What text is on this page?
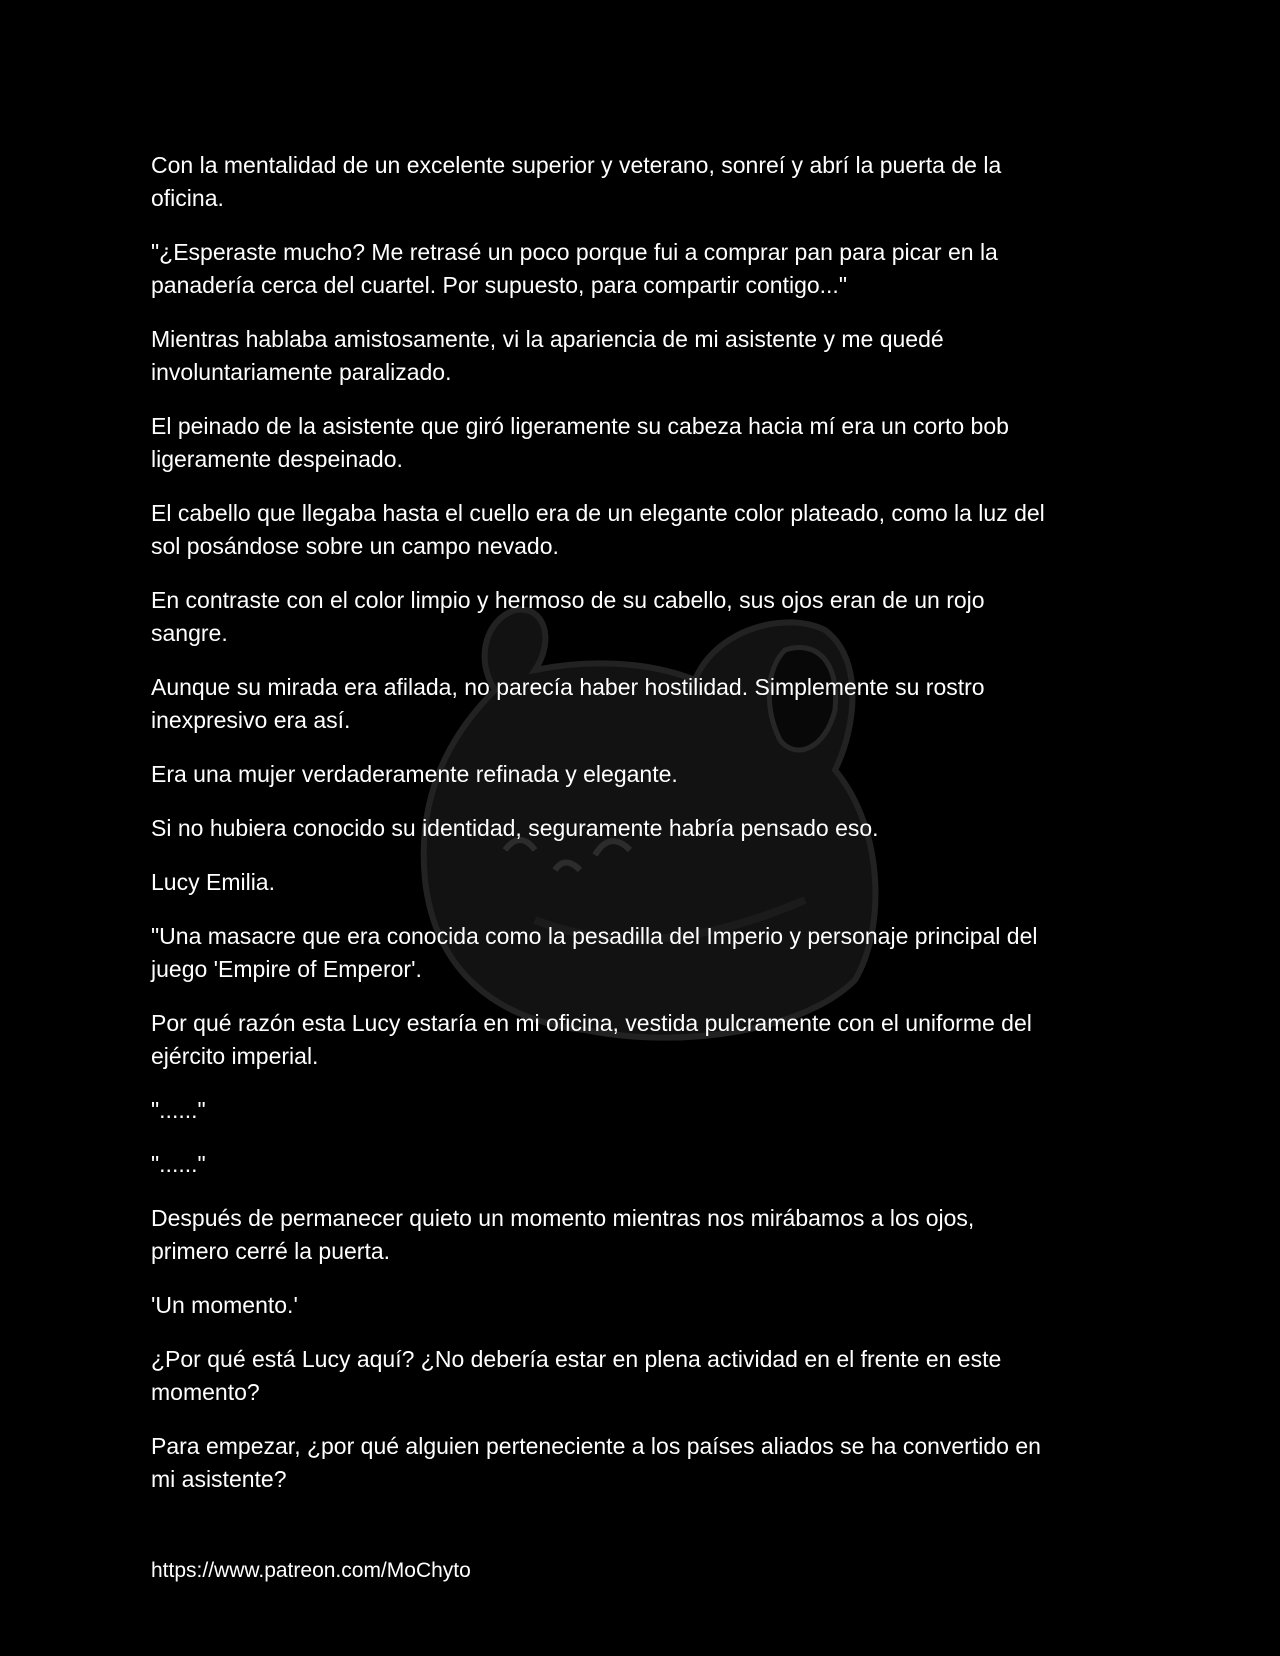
Con la mentalidad de un excelente superior y veterano, sonreí y abrí la puerta de la
oficina.

"¿Esperaste mucho? Me retrasé un poco porque fui a comprar pan para picar en la
panadería cerca del cuartel. Por supuesto, para compartir contigo..."

Mientras hablaba amistosamente, vi la apariencia de mi asistente y me quedé
involuntariamente paralizado.

El peinado de la asistente que giró ligeramente su cabeza hacia mí era un corto bob
ligeramente despeinado.

El cabello que llegaba hasta el cuello era de un elegante color plateado, como la luz del
sol posándose sobre un campo nevado.

En contraste con el color limpio y hermoso de su cabello, sus ojos eran de un rojo
sangre.

Aunque su mirada era afilada, no parecía haber hostilidad. Simplemente su rostro
inexpresivo era así.

Era una mujer verdaderamente refinada y elegante.

Si no hubiera conocido su identidad, seguramente habría pensado eso.

Lucy Emilia.

"Una masacre que era conocida como la pesadilla del Imperio y personaje principal del
juego 'Empire of Emperor'.

Por qué razón esta Lucy estaría en mi oficina, vestida pulcramente con el uniforme del
ejército imperial.

"......"

"......"

Después de permanecer quieto un momento mientras nos mirábamos a los ojos,
primero cerré la puerta.

'Un momento.'

¿Por qué está Lucy aquí? ¿No debería estar en plena actividad en el frente en este
momento?

Para empezar, ¿por qué alguien perteneciente a los países aliados se ha convertido en
mi asistente?

https://www.patreon.com/MoChyto
